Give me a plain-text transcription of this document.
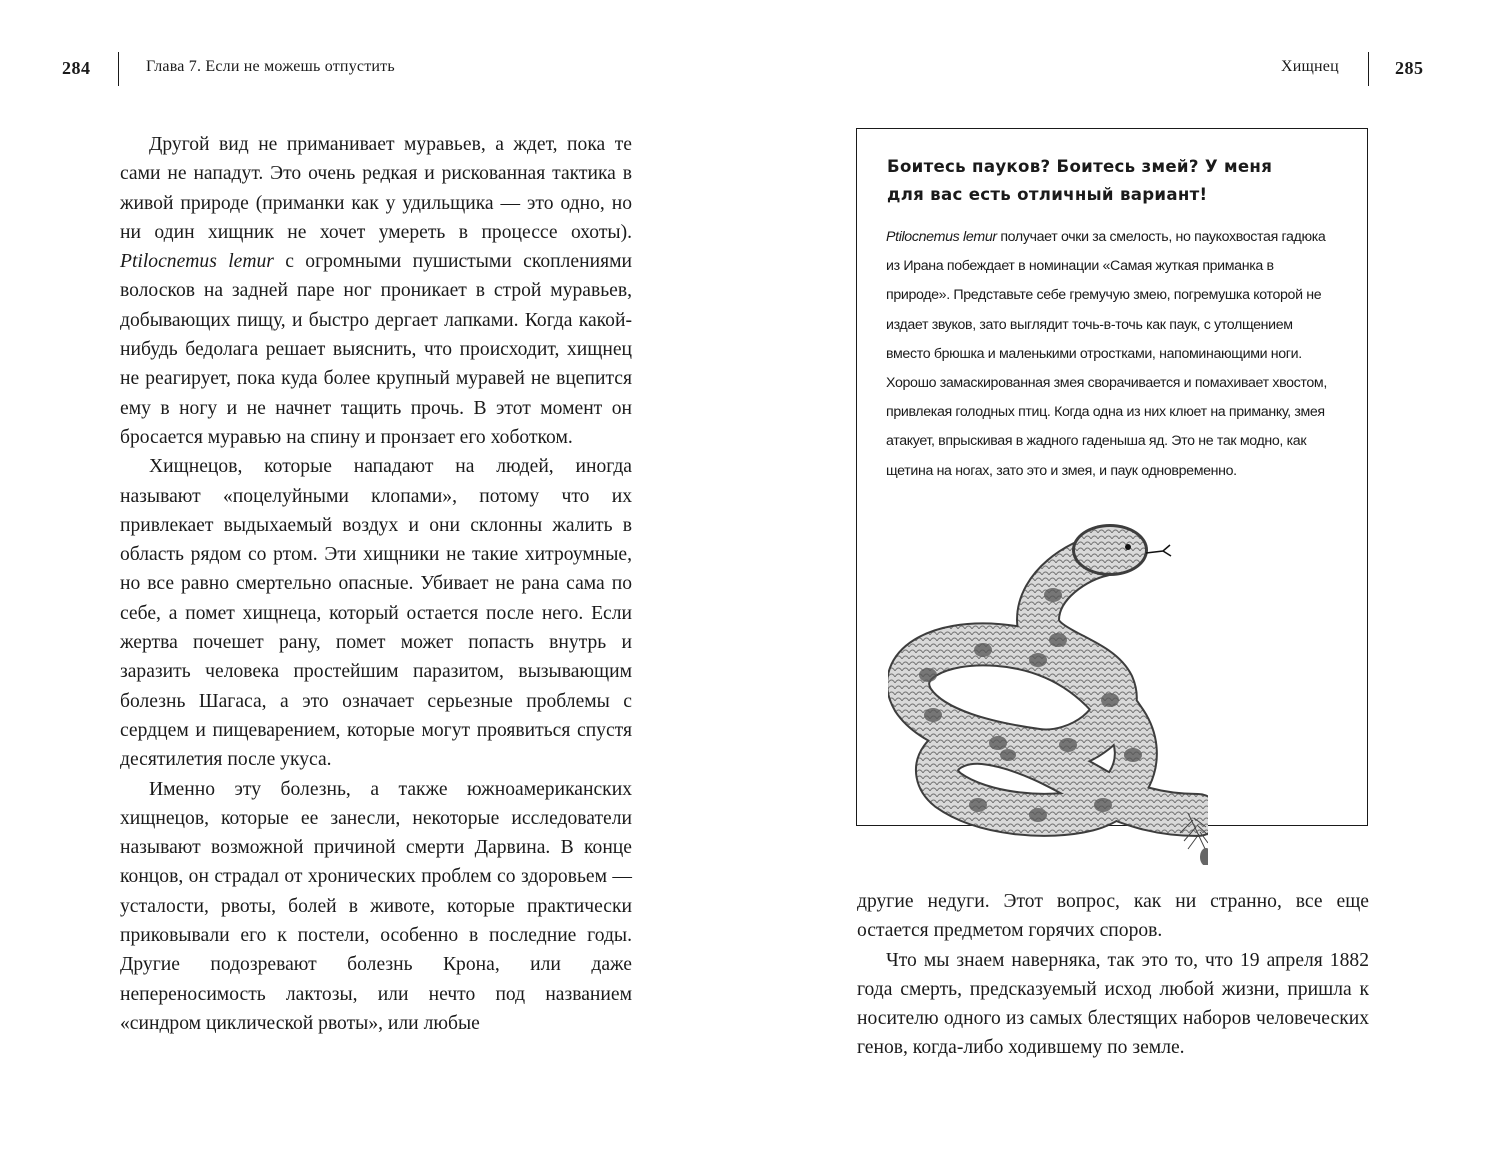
284	Глава 7. Если не можешь отпустить	Хищнец	285

Другой вид не приманивает муравьев, а ждет, пока те сами не нападут. Это очень редкая и рискованная тактика в живой природе (приманки как у удильщика — это одно, но ни один хищник не хочет умереть в процессе охоты). Ptilocnemus lemur с огромными пушистыми скоплениями волосков на задней паре ног проникает в строй муравьев, добывающих пищу, и быстро дергает лапками. Когда какой-нибудь бедолага решает выяснить, что происходит, хищнец не реагирует, пока куда более крупный муравей не вцепится ему в ногу и не начнет тащить прочь. В этот момент он бросается муравью на спину и пронзает его хоботком.

Хищнецов, которые нападают на людей, иногда называют «поцелуйными клопами», потому что их привлекает выдыхаемый воздух и они склонны жалить в область рядом со ртом. Эти хищники не такие хитроумные, но все равно смертельно опасные. Убивает не рана сама по себе, а помет хищнеца, который остается после него. Если жертва почешет рану, помет может попасть внутрь и заразить человека простейшим паразитом, вызывающим болезнь Шагаса, а это означает серьезные проблемы с сердцем и пищеварением, которые могут проявиться спустя десятилетия после укуса.

Именно эту болезнь, а также южноамериканских хищнецов, которые ее занесли, некоторые исследователи называют возможной причиной смерти Дарвина. В конце концов, он страдал от хронических проблем со здоровьем — усталости, рвоты, болей в животе, которые практически приковывали его к постели, особенно в последние годы. Другие подозревают болезнь Крона, или даже непереносимость лактозы, или нечто под названием «синдром циклической рвоты», или любые

Боитесь пауков? Боитесь змей? У меня для вас есть отличный вариант!
Ptilocnemus lemur получает очки за смелость, но паукохвостая гадюка из Ирана побеждает в номинации «Самая жуткая приманка в природе». Представьте себе гремучую змею, погремушка которой не издает звуков, зато выглядит точь-в-точь как паук, с утолщением вместо брюшка и маленькими отростками, напоминающими ноги. Хорошо замаскированная змея сворачивается и помахивает хвостом, привлекая голодных птиц. Когда одна из них клюет на приманку, змея атакует, впрыскивая в жадного гаденыша яд. Это не так модно, как щетина на ногах, зато это и змея, и паук одновременно.

другие недуги. Этот вопрос, как ни странно, все еще остается предметом горячих споров.

Что мы знаем наверняка, так это то, что 19 апреля 1882 года смерть, предсказуемый исход любой жизни, пришла к носителю одного из самых блестящих наборов человеческих генов, когда-либо ходившему по земле.
